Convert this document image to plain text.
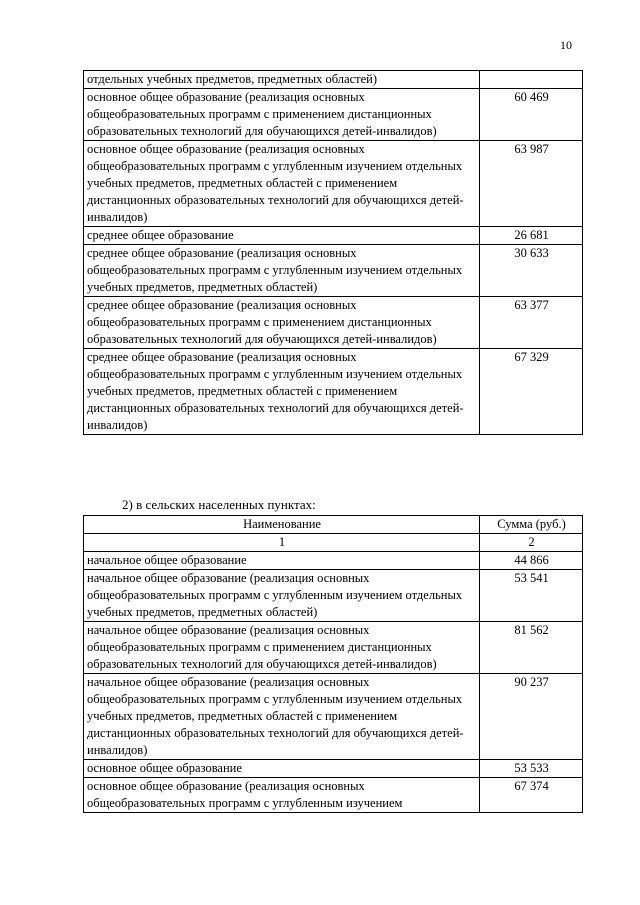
10
отдельных учебных предметов, предметных областей)	
основное общее образование (реализация основных общеобразовательных программ с применением дистанционных образовательных технологий для обучающихся детей-инвалидов)	60 469
основное общее образование (реализация основных общеобразовательных программ с углубленным изучением отдельных учебных предметов, предметных областей с применением дистанционных образовательных технологий для обучающихся детей-инвалидов)	63 987
среднее общее образование	26 681
среднее общее образование (реализация основных общеобразовательных программ с углубленным изучением отдельных учебных предметов, предметных областей)	30 633
среднее общее образование (реализация основных общеобразовательных программ с применением дистанционных образовательных технологий для обучающихся детей-инвалидов)	63 377
среднее общее образование (реализация основных общеобразовательных программ с углубленным изучением отдельных учебных предметов, предметных областей с применением дистанционных образовательных технологий для обучающихся детей-инвалидов)	67 329
2) в сельских населенных пунктах:
Наименование	Сумма (руб.)
1	2
начальное общее образование	44 866
начальное общее образование (реализация основных общеобразовательных программ с углубленным изучением отдельных учебных предметов, предметных областей)	53 541
начальное общее образование (реализация основных общеобразовательных программ с применением дистанционных образовательных технологий для обучающихся детей-инвалидов)	81 562
начальное общее образование (реализация основных общеобразовательных программ с углубленным изучением отдельных учебных предметов, предметных областей с применением дистанционных образовательных технологий для обучающихся детей-инвалидов)	90 237
основное общее образование	53 533
основное общее образование (реализация основных общеобразовательных программ с углубленным изучением	67 374
